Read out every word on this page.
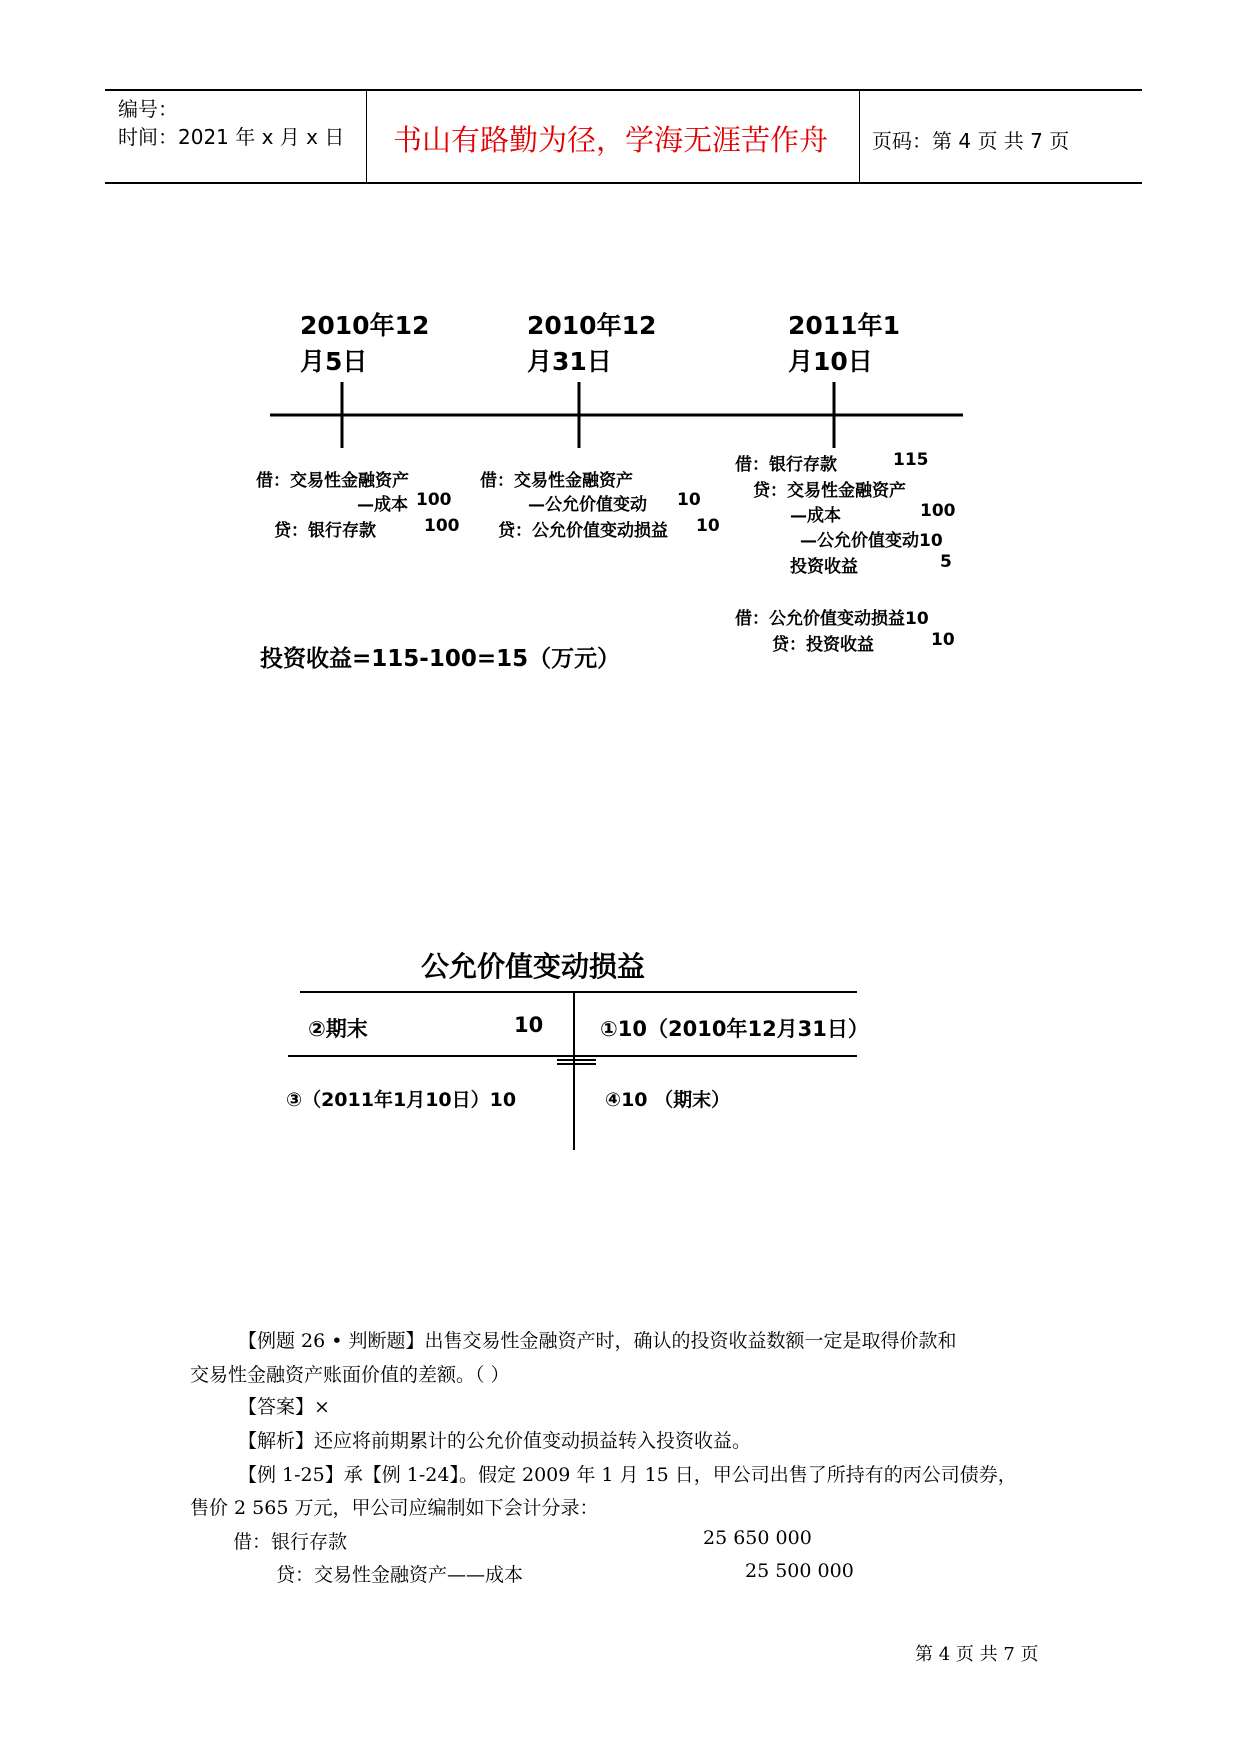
编号：
时间：2021 年 x 月 x 日 书山有路勤为径，学海无涯苦作舟 页码：第 4 页 共 7 页
2010年12
月5日
2010年12
月31日
2011年1
月10日
借：交易性金融资产
—成本 100
贷：银行存款	100
借：交易性金融资产
—公允价值变动 10
贷：公允价值变动损益 10
借：银行存款	115
贷：交易性金融资产
—成本	100
—公允价值变动10
投资收益	5
借：公允价值变动损益10
贷：投资收益	10
投资收益=115-100=15（万元）
公允价值变动损益
②期末	10	①10（2010年12月31日）
③（2011年1月10日）10	④10 （期末）
【例题 26 • 判断题】出售交易性金融资产时，确认的投资收益数额一定是取得价款和
交易性金融资产账面价值的差额。（ ）
【答案】×
【解析】还应将前期累计的公允价值变动损益转入投资收益。
【例 1-25】承【例 1-24】。假定 2009 年 1 月 15 日，甲公司出售了所持有的丙公司债券，
售价 2 565 万元，甲公司应编制如下会计分录：
借：银行存款	25 650 000
贷：交易性金融资产——成本	25 500 000
第 4 页 共 7 页
